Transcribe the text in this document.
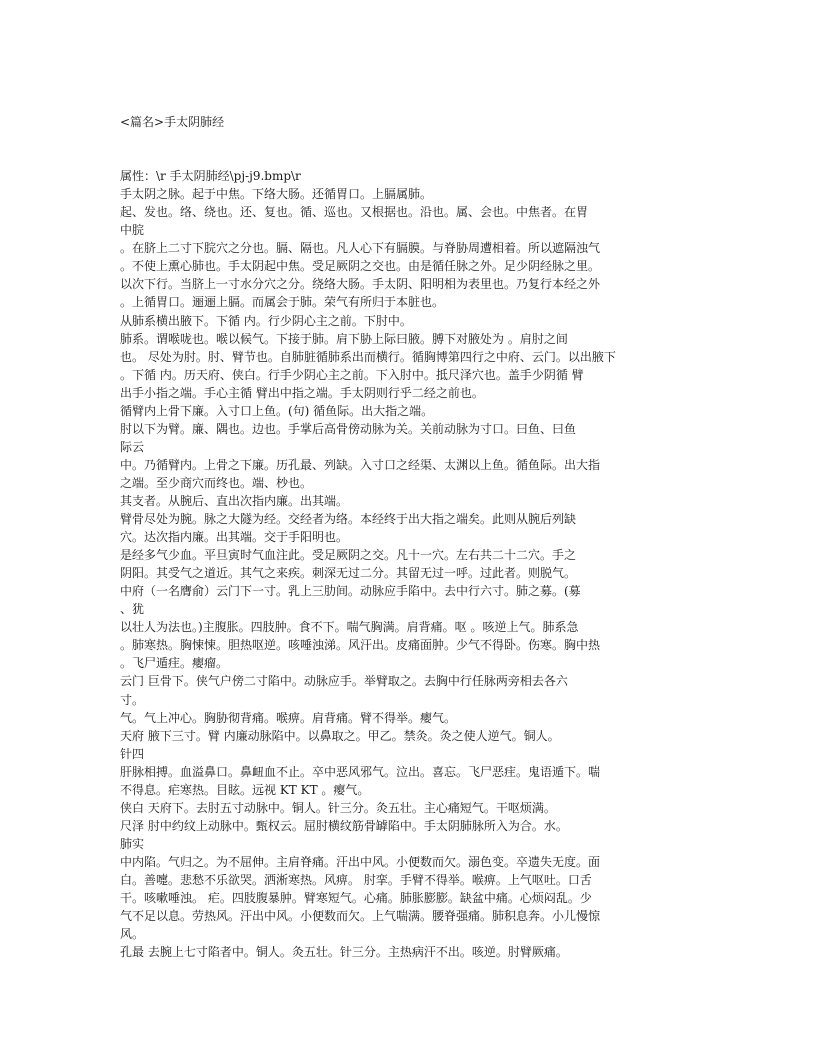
<篇名>手太阴肺经
属性：\r 手太阴肺经\pj-j9.bmp\r
手太阴之脉。起于中焦。下络大肠。还循胃口。上膈属肺。
起、发也。络、绕也。还、复也。循、巡也。又根据也。沿也。属、会也。中焦者。在胃
中脘
。在脐上二寸下脘穴之分也。膈、隔也。凡人心下有膈膜。与脊胁周遭相着。所以遮隔浊气
。不使上熏心肺也。手太阴起中焦。受足厥阴之交也。由是循任脉之外。足少阴经脉之里。
以次下行。当脐上一寸水分穴之分。绕络大肠。手太阴、阳明相为表里也。乃复行本经之外
。上循胃口。逦逦上膈。而属会于肺。荣气有所归于本脏也。
从肺系横出腋下。下循 内。行少阴心主之前。下肘中。
肺系。谓喉咙也。喉以候气。下接于肺。肩下胁上际曰腋。膊下对腋处为 。肩肘之间
也。 尽处为肘。肘、臂节也。自肺脏循肺系出而横行。循胸博第四行之中府、云门。以出腋下
。下循 内。历天府、侠白。行手少阴心主之前。下入肘中。抵尺泽穴也。盖手少阴循 臂
出手小指之端。手心主循 臂出中指之端。手太阴则行乎二经之前也。
循臂内上骨下廉。入寸口上鱼。(句) 循鱼际。出大指之端。
肘以下为臂。廉、隅也。边也。手掌后高骨傍动脉为关。关前动脉为寸口。曰鱼、曰鱼
际云
中。乃循臂内。上骨之下廉。历孔最、列缺。入寸口之经渠、太渊以上鱼。循鱼际。出大指
之端。至少商穴而终也。端、杪也。
其支者。从腕后、直出次指内廉。出其端。
臂骨尽处为腕。脉之大隧为经。交经者为络。本经终于出大指之端矣。此则从腕后列缺
穴。达次指内廉。出其端。交于手阳明也。
是经多气少血。平旦寅时气血注此。受足厥阴之交。凡十一穴。左右共二十二穴。手之
阴阳。其受气之道近。其气之来疾。刺深无过二分。其留无过一呼。过此者。则脱气。
中府（一名膺俞）云门下一寸。乳上三肋间。动脉应手陷中。去中行六寸。肺之募。(募
、犹
以壮人为法也。)主腹胀。四肢肿。食不下。喘气胸满。肩背痛。呕 。咳逆上气。肺系急
。肺寒热。胸悚悚。胆热呕逆。咳唾浊涕。风汗出。皮痛面肿。少气不得卧。伤寒。胸中热
。飞尸遁疰。瘿瘤。
云门 巨骨下。侠气户傍二寸陷中。动脉应手。举臂取之。去胸中行任脉两旁相去各六
寸。
气。气上冲心。胸胁彻背痛。喉痹。肩背痛。臂不得举。瘿气。
天府 腋下三寸。臂 内廉动脉陷中。以鼻取之。甲乙。禁灸。灸之使人逆气。铜人。
针四
肝脉相搏。血溢鼻口。鼻衄血不止。卒中恶风邪气。泣出。喜忘。飞尸恶疰。鬼语遁下。喘
不得息。疟寒热。目眩。远视 KT KT 。瘿气。
侠白 天府下。去肘五寸动脉中。铜人。针三分。灸五壮。主心痛短气。干呕烦满。
尺泽 肘中约纹上动脉中。甄权云。屈肘横纹筋骨罅陷中。手太阴肺脉所入为合。水。
肺实
中内陷。气归之。为不屈伸。主肩脊痛。汗出中风。小便数而欠。溺色变。卒遗失无度。面
白。善嚏。悲愁不乐欲哭。洒淅寒热。风痹。 肘挛。手臂不得举。喉痹。上气呕吐。口舌
干。咳嗽唾浊。 疟。四肢腹暴肿。臂寒短气。心痛。肺胀膨膨。缺盆中痛。心烦闷乱。少
气不足以息。劳热风。汗出中风。小便数而欠。上气喘满。腰脊强痛。肺积息奔。小儿慢惊
风。
孔最 去腕上七寸陷者中。铜人。灸五壮。针三分。主热病汗不出。咳逆。肘臂厥痛。
